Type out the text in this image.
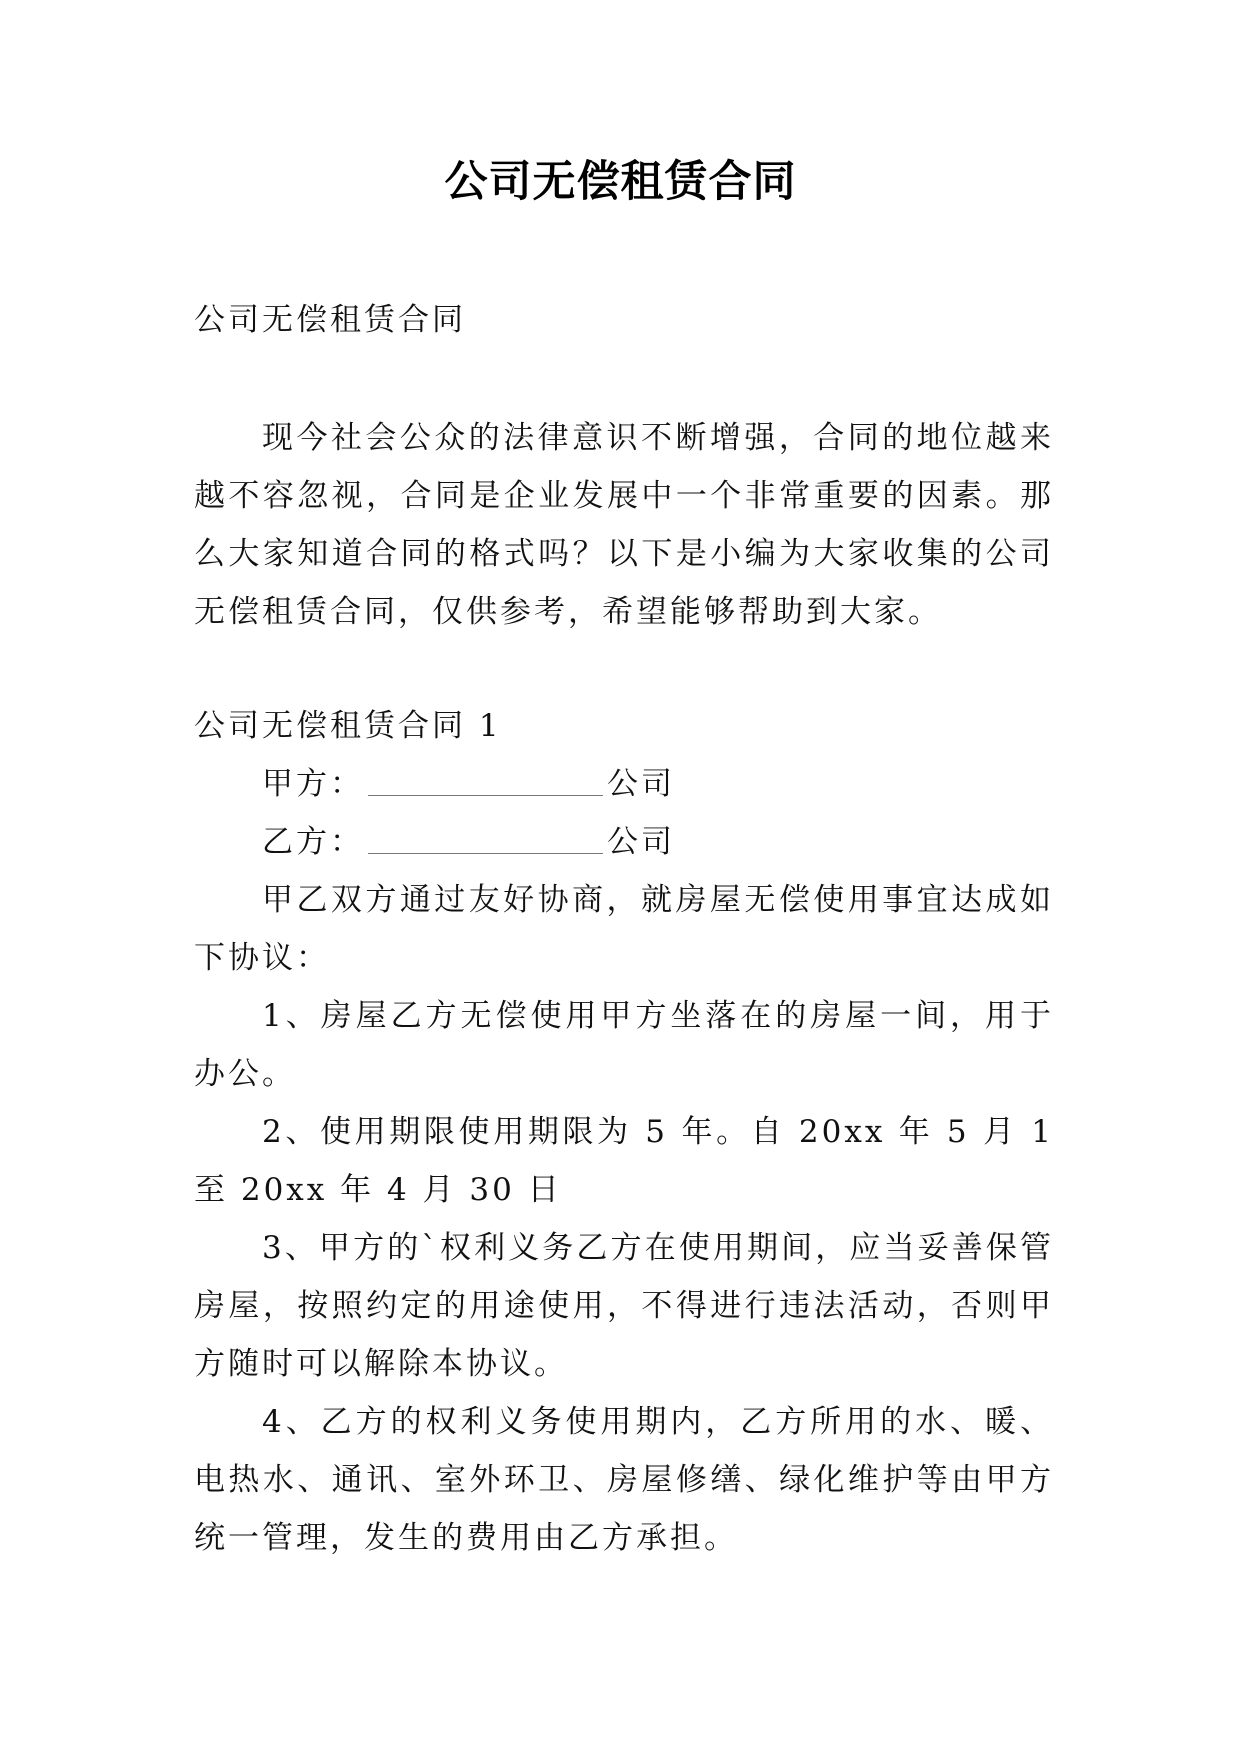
公司无偿租赁合同

公司无偿租赁合同

现今社会公众的法律意识不断增强，合同的地位越来越不容忽视，合同是企业发展中一个非常重要的因素。那么大家知道合同的格式吗？以下是小编为大家收集的公司无偿租赁合同，仅供参考，希望能够帮助到大家。

公司无偿租赁合同 1

甲方：	公司

乙方：	公司

甲乙双方通过友好协商，就房屋无偿使用事宜达成如下协议：

1、房屋乙方无偿使用甲方坐落在的房屋一间，用于办公。

2、使用期限使用期限为 5 年。自 20xx 年 5 月 1 至 20xx 年 4 月 30 日

3、甲方的`权利义务乙方在使用期间，应当妥善保管房屋，按照约定的用途使用，不得进行违法活动，否则甲方随时可以解除本协议。

4、乙方的权利义务使用期内，乙方所用的水、暖、电热水、通讯、室外环卫、房屋修缮、绿化维护等由甲方统一管理，发生的费用由乙方承担。
